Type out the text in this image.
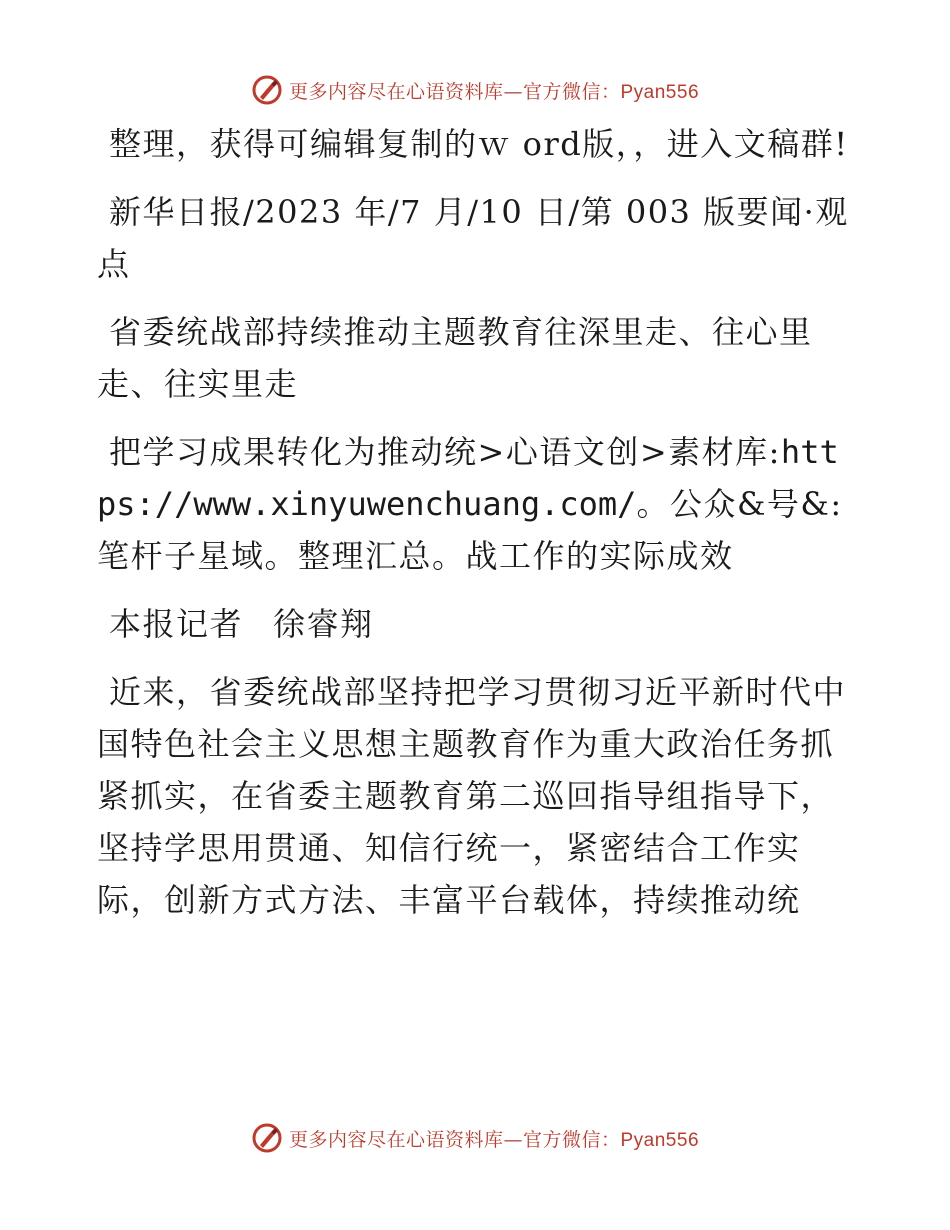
更多内容尽在心语资料库—官方微信：Pyan556

整理，获得可编辑复制的ｗ ord版，，进入文稿群!

新华日报/2023 年/7 月/10 日/第 003 版要闻·观点

省委统战部持续推动主题教育往深里走、往心里走、往实里走

把学习成果转化为推动统>心语文创>素材库:https://www.xinyuwenchuang.com/。公众&号&:笔杆子星域。整理汇总。战工作的实际成效

本报记者 徐睿翔

近来，省委统战部坚持把学习贯彻习近平新时代中国特色社会主义思想主题教育作为重大政治任务抓紧抓实，在省委主题教育第二巡回指导组指导下，坚持学思用贯通、知信行统一，紧密结合工作实际，创新方式方法、丰富平台载体，持续推动统

更多内容尽在心语资料库—官方微信：Pyan556
